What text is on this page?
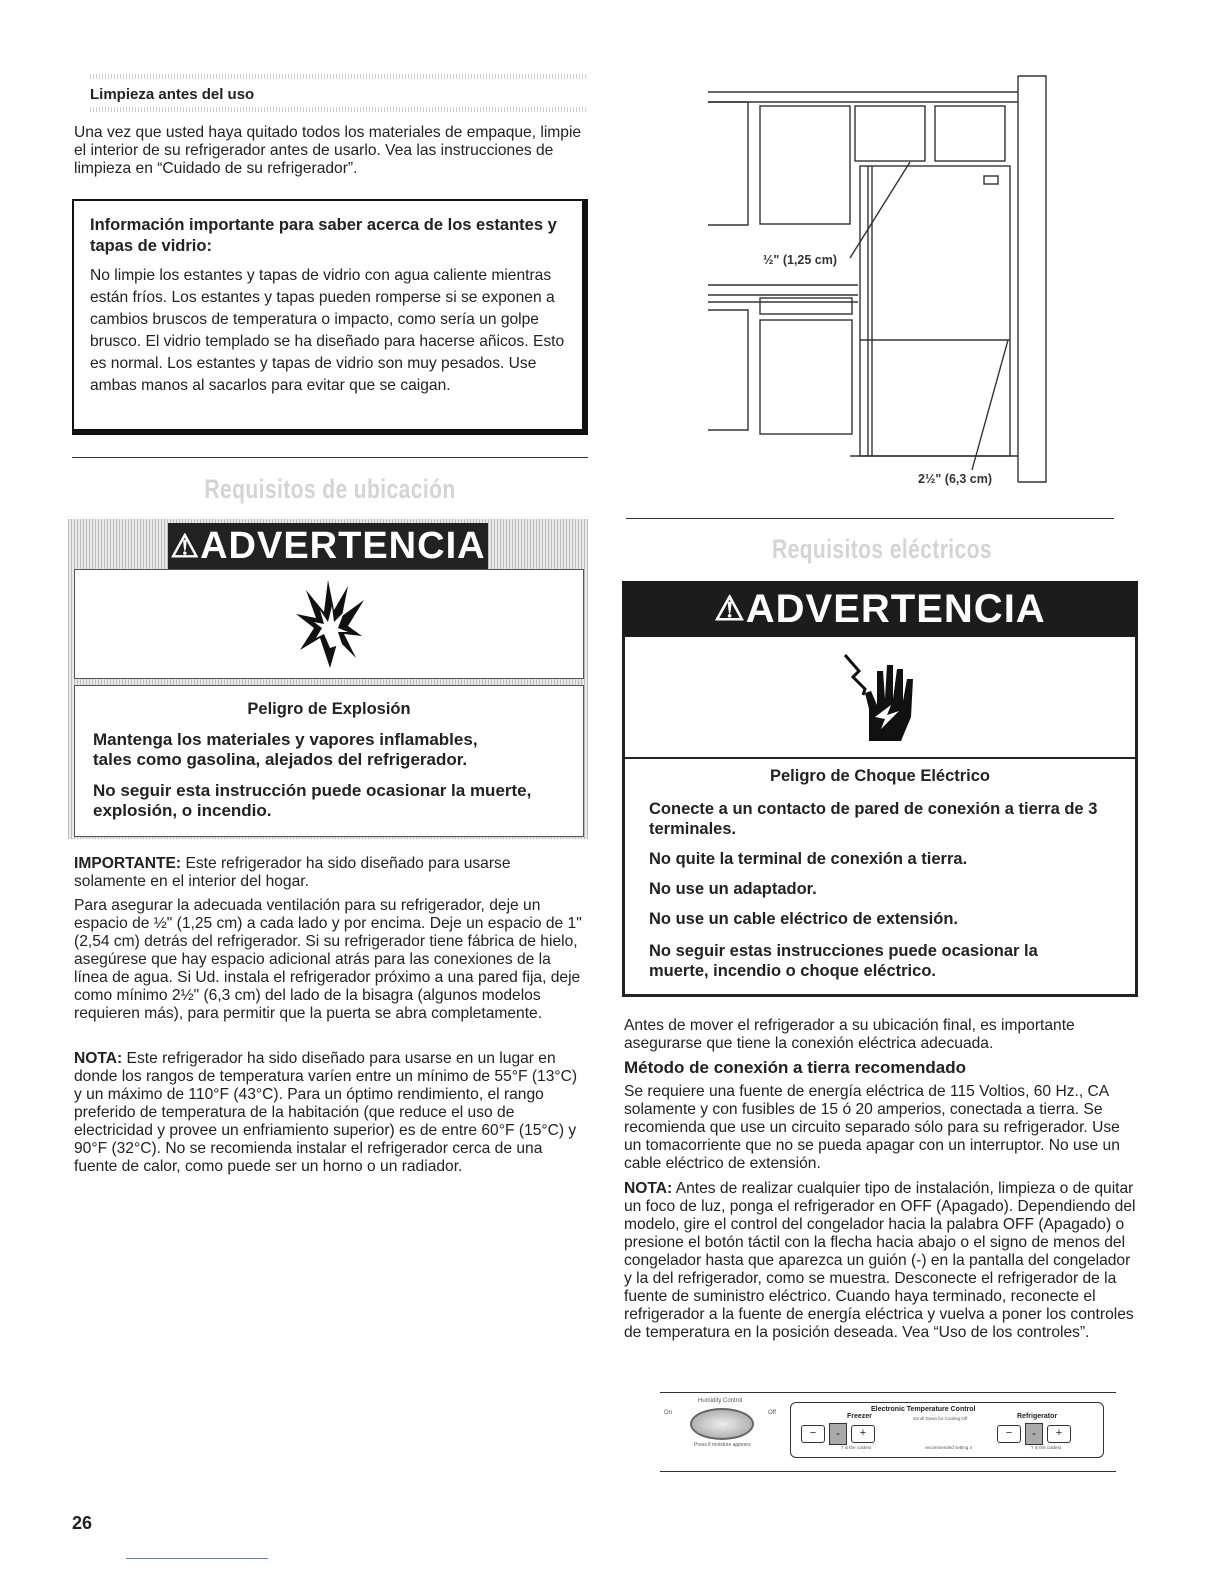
Limpieza antes del uso

Una vez que usted haya quitado todos los materiales de empaque, limpie el interior de su refrigerador antes de usarlo. Vea las instrucciones de limpieza en “Cuidado de su refrigerador”.

Información importante para saber acerca de los estantes y tapas de vidrio:

No limpie los estantes y tapas de vidrio con agua caliente mientras están fríos. Los estantes y tapas pueden romperse si se exponen a cambios bruscos de temperatura o impacto, como sería un golpe brusco. El vidrio templado se ha diseñado para hacerse añicos. Esto es normal. Los estantes y tapas de vidrio son muy pesados. Use ambas manos al sacarlos para evitar que se caigan.

Requisitos de ubicación
⚠ ADVERTENCIA
Peligro de Explosión

Mantenga los materiales y vapores inflamables, tales como gasolina, alejados del refrigerador.

No seguir esta instrucción puede ocasionar la muerte, explosión, o incendio.

IMPORTANTE: Este refrigerador ha sido diseñado para usarse solamente en el interior del hogar.

Para asegurar la adecuada ventilación para su refrigerador, deje un espacio de ½" (1,25 cm) a cada lado y por encima. Deje un espacio de 1" (2,54 cm) detrás del refrigerador. Si su refrigerador tiene fábrica de hielo, asegúrese que hay espacio adicional atrás para las conexiones de la línea de agua. Si Ud. instala el refrigerador próximo a una pared fija, deje como mínimo 2½" (6,3 cm) del lado de la bisagra (algunos modelos requieren más), para permitir que la puerta se abra completamente.

NOTA: Este refrigerador ha sido diseñado para usarse en un lugar en donde los rangos de temperatura varíen entre un mínimo de 55°F (13°C) y un máximo de 110°F (43°C). Para un óptimo rendimiento, el rango preferido de temperatura de la habitación (que reduce el uso de electricidad y provee un enfriamiento superior) es de entre 60°F (15°C) y 90°F (32°C). No se recomienda instalar el refrigerador cerca de una fuente de calor, como puede ser un horno o un radiador.

½" (1,25 cm)
2½" (6,3 cm)
Requisitos eléctricos
⚠ ADVERTENCIA
Peligro de Choque Eléctrico

Conecte a un contacto de pared de conexión a tierra de 3 terminales.

No quite la terminal de conexión a tierra.

No use un adaptador.

No use un cable eléctrico de extensión.

No seguir estas instrucciones puede ocasionar la muerte, incendio o choque eléctrico.

Antes de mover el refrigerador a su ubicación final, es importante asegurarse que tiene la conexión eléctrica adecuada.

Método de conexión a tierra recomendado

Se requiere una fuente de energía eléctrica de 115 Voltios, 60 Hz., CA solamente y con fusibles de 15 ó 20 amperios, conectada a tierra. Se recomienda que use un circuito separado sólo para su refrigerador. Use un tomacorriente que no se pueda apagar con un interruptor. No use un cable eléctrico de extensión.

NOTA: Antes de realizar cualquier tipo de instalación, limpieza o de quitar un foco de luz, ponga el refrigerador en OFF (Apagado). Dependiendo del modelo, gire el control del congelador hacia la palabra OFF (Apagado) o presione el botón táctil con la flecha hacia abajo o el signo de menos del congelador hasta que aparezca un guión (-) en la pantalla del congelador y la del refrigerador, como se muestra. Desconecte el refrigerador de la fuente de suministro eléctrico. Cuando haya terminado, reconecte el refrigerador a la fuente de energía eléctrica y vuelva a poner los controles de temperatura en la posición deseada. Vea “Uso de los controles”.

Humidity Control
On	Off
Press if moisture appears
Electronic Temperature Control
Freezer	Refrigerator
Scroll Down for Cooling Off
−	-	+	−	-	+
7 is the coldest	recommended setting 4	7 is the coldest
26
